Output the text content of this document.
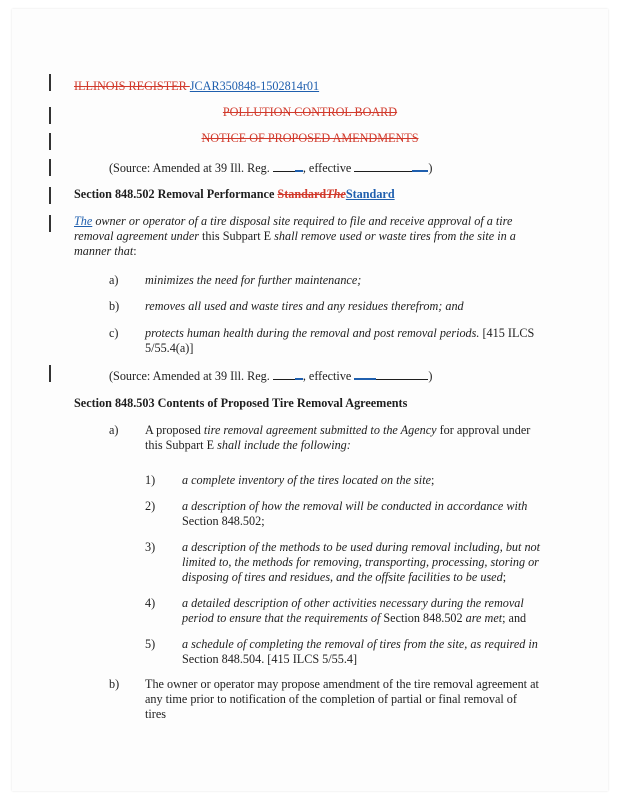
ILLINOIS REGISTER JCAR350848-1502814r01
POLLUTION CONTROL BOARD
NOTICE OF PROPOSED AMENDMENTS
(Source: Amended at 39 Ill. Reg. , effective	)
Section 848.502 Removal Performance StandardTheStandard
The owner or operator of a tire disposal site required to file and receive approval of a tire removal agreement under this Subpart E shall remove used or waste tires from the site in a manner that:
a) minimizes the need for further maintenance;
b) removes all used and waste tires and any residues therefrom; and
c) protects human health during the removal and post removal periods. [415 ILCS 5/55.4(a)]
(Source: Amended at 39 Ill. Reg. , effective	)
Section 848.503 Contents of Proposed Tire Removal Agreements
a) A proposed tire removal agreement submitted to the Agency for approval under this Subpart E shall include the following:
1) a complete inventory of the tires located on the site;
2) a description of how the removal will be conducted in accordance with Section 848.502;
3) a description of the methods to be used during removal including, but not limited to, the methods for removing, transporting, processing, storing or disposing of tires and residues, and the offsite facilities to be used;
4) a detailed description of other activities necessary during the removal period to ensure that the requirements of Section 848.502 are met; and
5) a schedule of completing the removal of tires from the site, as required in Section 848.504. [415 ILCS 5/55.4]
b) The owner or operator may propose amendment of the tire removal agreement at any time prior to notification of the completion of partial or final removal of tires
